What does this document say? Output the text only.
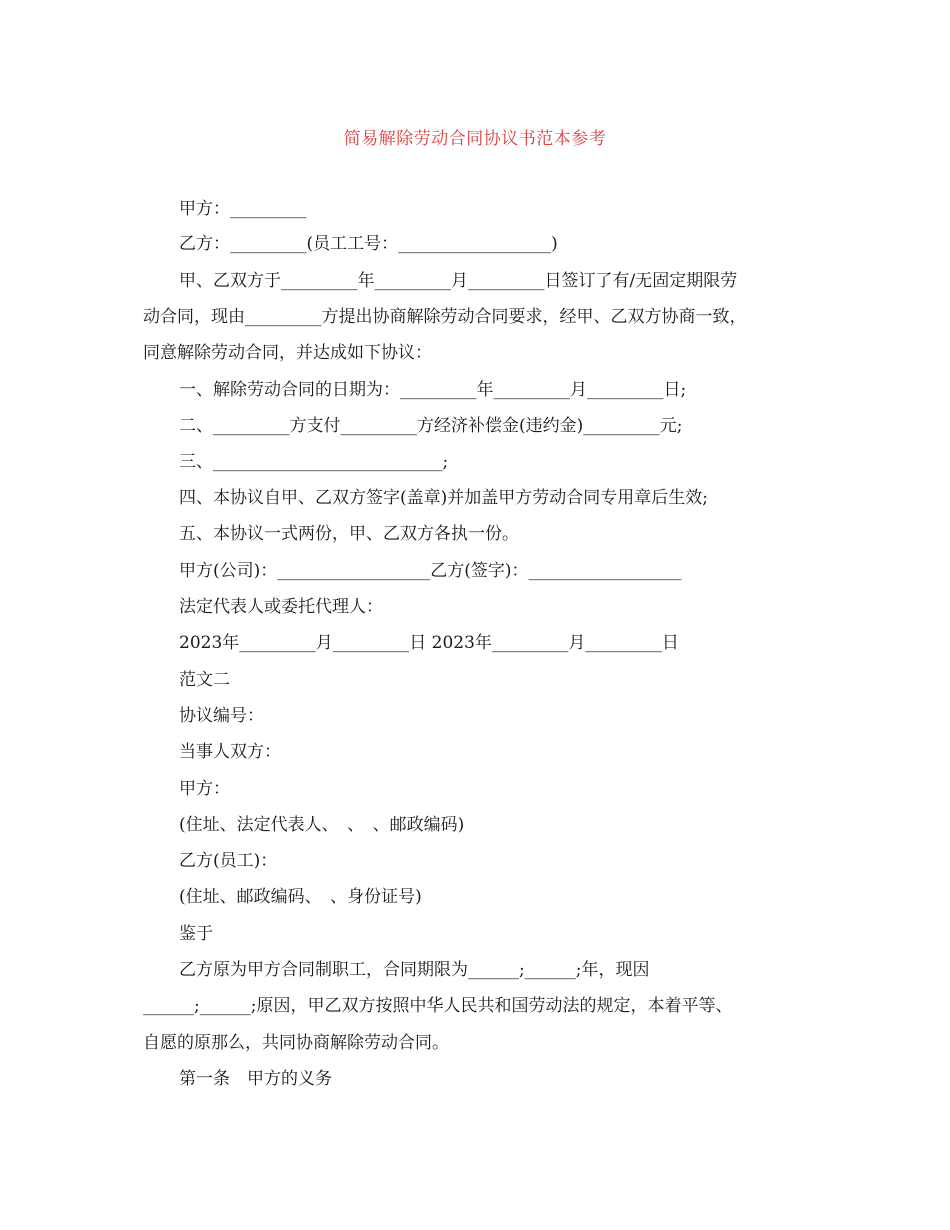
简易解除劳动合同协议书范本参考
甲方：_________
乙方：_________(员工工号：__________________)
甲、乙双方于_________年_________月_________日签订了有/无固定期限劳
动合同，现由_________方提出协商解除劳动合同要求，经甲、乙双方协商一致，
同意解除劳动合同，并达成如下协议：
一、解除劳动合同的日期为：_________年_________月_________日;
二、_________方支付_________方经济补偿金(违约金)_________元;
三、___________________________;
四、本协议自甲、乙双方签字(盖章)并加盖甲方劳动合同专用章后生效;
五、本协议一式两份，甲、乙双方各执一份。
甲方(公司)：__________________乙方(签字)：__________________
法定代表人或委托代理人：
2023年_________月_________日 2023年_________月_________日
范文二
协议编号：
当事人双方：
甲方：
(住址、法定代表人、　、　、邮政编码)
乙方(员工)：
(住址、邮政编码、　、身份证号)
鉴于
乙方原为甲方合同制职工，合同期限为______;______;年，现因
______;______;原因，甲乙双方按照中华人民共和国劳动法的规定，本着平等、
自愿的原那么，共同协商解除劳动合同。
第一条　甲方的义务
